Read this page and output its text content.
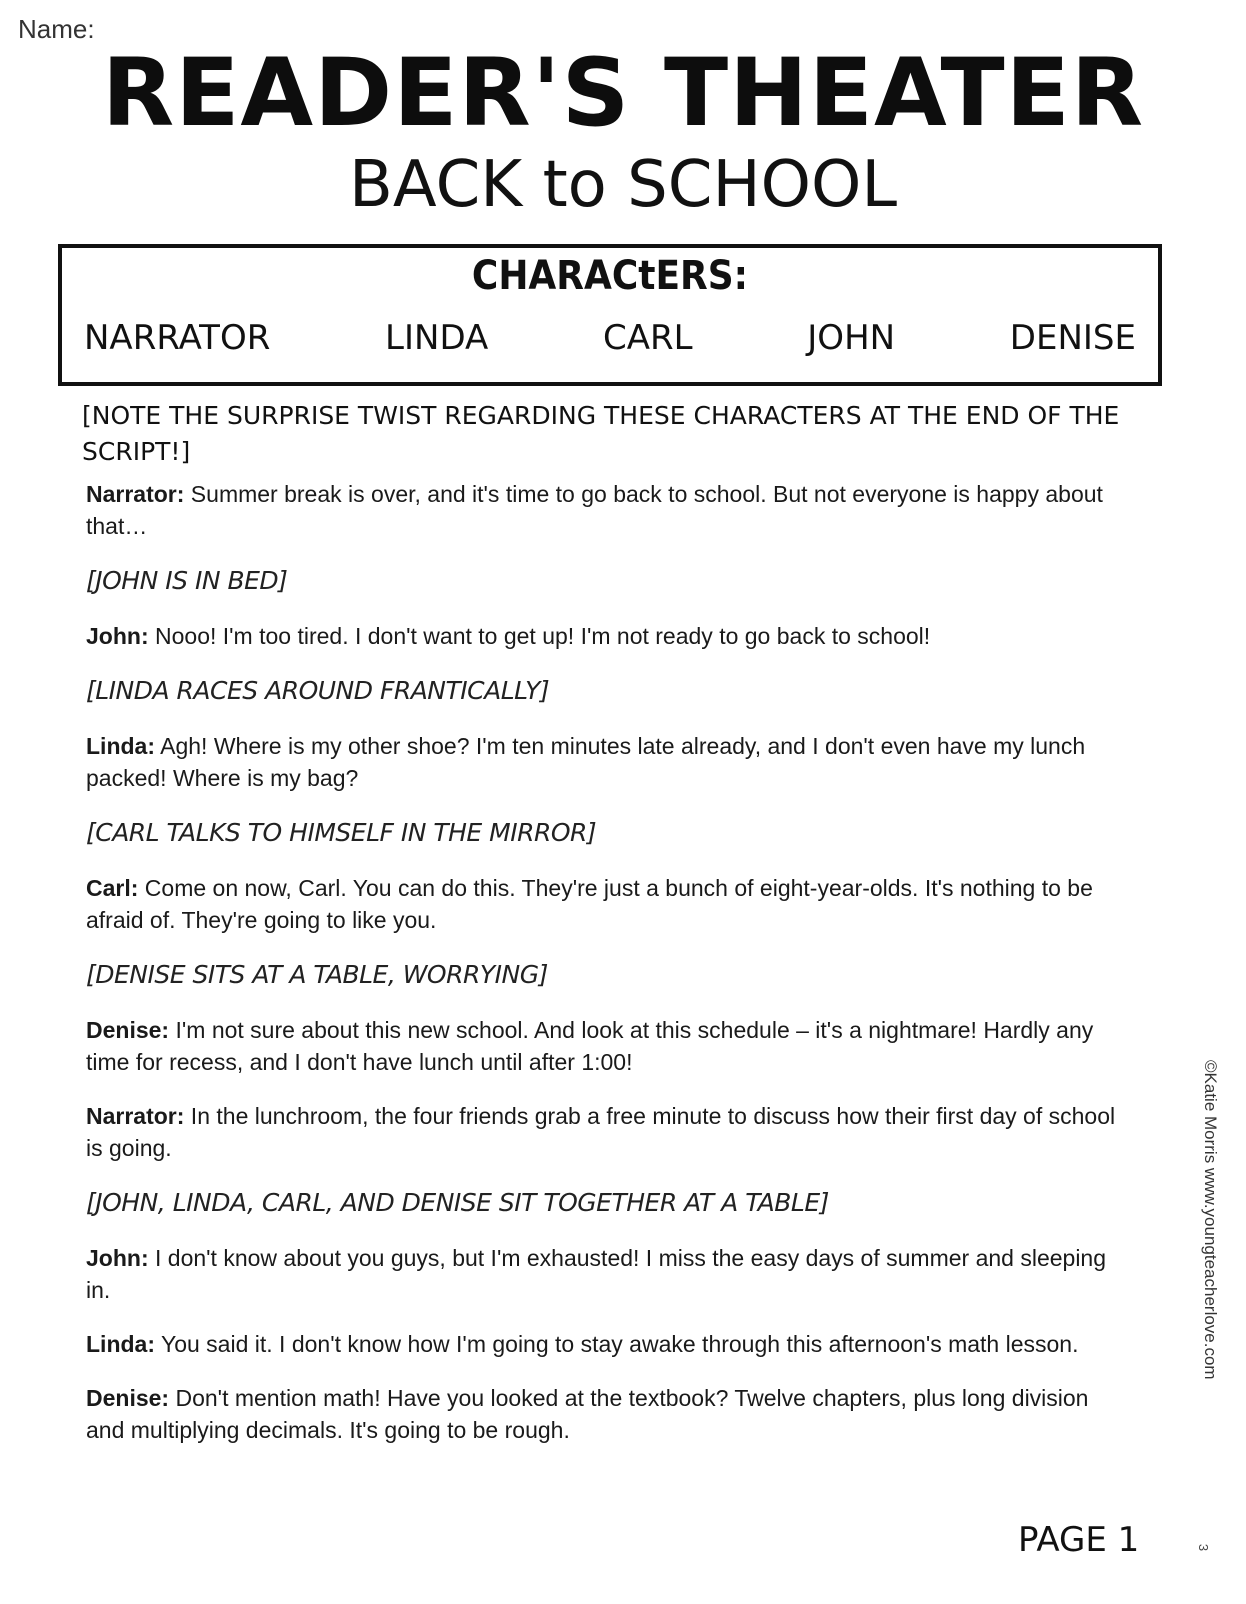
Name:
READER'S THEATER
BACK to SCHOOL
CHARACtERS:
NARRATOR	LINDA	CARL	JOHN	DENISE
[NOTE THE SURPRISE TWIST REGARDING THESE CHARACTERS AT THE END OF THE SCRIPT!]
Narrator: Summer break is over, and it's time to go back to school. But not everyone is happy about that…
[JOHN IS IN BED]
John: Nooo! I'm too tired. I don't want to get up! I'm not ready to go back to school!
[LINDA RACES AROUND FRANTICALLY]
Linda: Agh! Where is my other shoe? I'm ten minutes late already, and I don't even have my lunch packed! Where is my bag?
[CARL TALKS TO HIMSELF IN THE MIRROR]
Carl: Come on now, Carl. You can do this. They're just a bunch of eight-year-olds. It's nothing to be afraid of. They're going to like you.
[DENISE SITS AT A TABLE, WORRYING]
Denise: I'm not sure about this new school. And look at this schedule – it's a nightmare! Hardly any time for recess, and I don't have lunch until after 1:00!
Narrator: In the lunchroom, the four friends grab a free minute to discuss how their first day of school is going.
[JOHN, LINDA, CARL, AND DENISE SIT TOGETHER AT A TABLE]
John: I don't know about you guys, but I'm exhausted! I miss the easy days of summer and sleeping in.
Linda: You said it. I don't know how I'm going to stay awake through this afternoon's math lesson.
Denise: Don't mention math! Have you looked at the textbook? Twelve chapters, plus long division and multiplying decimals. It's going to be rough.
©Katie Morris www.youngteacherlove.com
PAGE 1	3
